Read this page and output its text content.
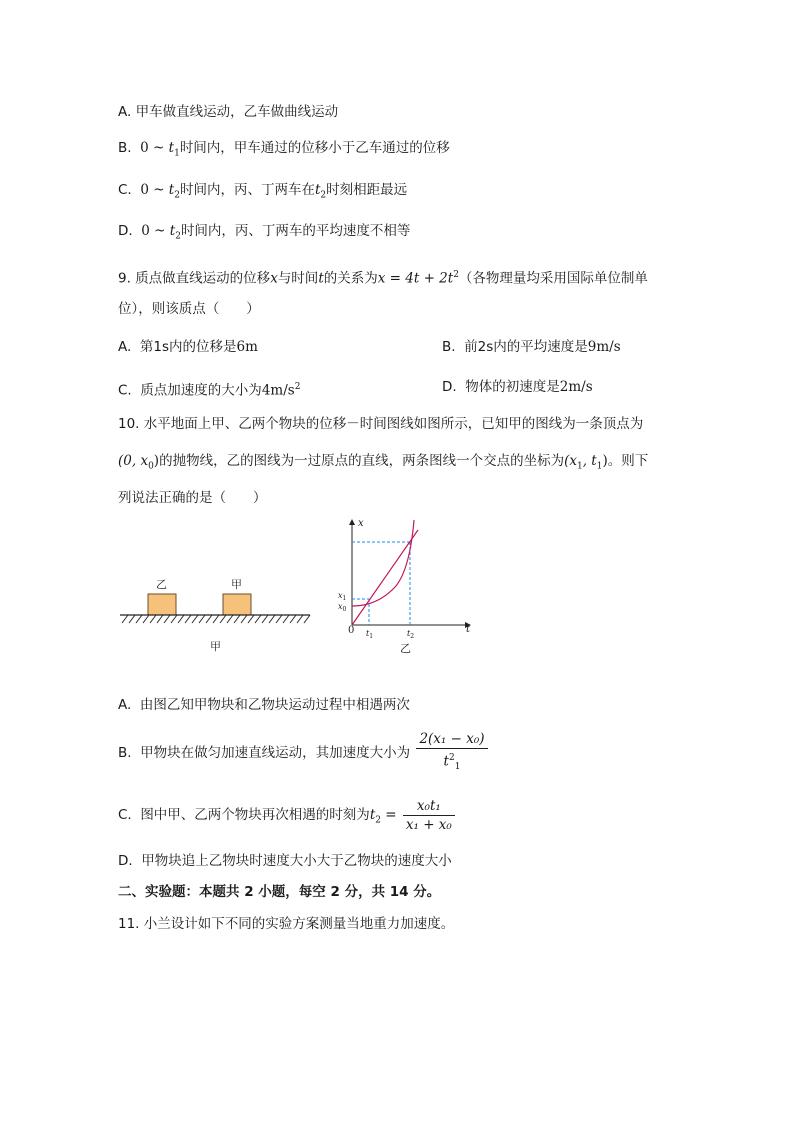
A. 甲车做直线运动，乙车做曲线运动
B. 0 ~ $t_1$时间内，甲车通过的位移小于乙车通过的位移
C. 0 ~ $t_2$时间内，丙、丁两车在$t_2$时刻相距最远
D. 0 ~ $t_2$时间内，丙、丁两车的平均速度不相等
9. 质点做直线运动的位移x与时间t的关系为$x = 4t + 2t^2$（各物理量均采用国际单位制单
位），则该质点（　　）
A. 第1s内的位移是6m	B. 前2s内的平均速度是9m/s
C. 质点加速度的大小为$4m/s^2$	D. 物体的初速度是2m/s
10. 水平地面上甲、乙两个物块的位移－时间图线如图所示，已知甲的图线为一条顶点为
(0, $x_0$)的抛物线，乙的图线为一过原点的直线，两条图线一个交点的坐标为($x_1$, $t_1$)。则下
列说法正确的是（　　）
乙	甲
甲
x
t
0
$x_1$
$x_0$
$t_1$	$t_2$
乙
A. 由图乙知甲物块和乙物块运动过程中相遇两次
B. 甲物块在做匀加速直线运动，其加速度大小为 $\frac{\text{2(x₁ − x₀)}}{t^2_1}$
C. 图中甲、乙两个物块再次相遇的时刻为$t_2 = \frac{\text{x₀t₁}}{\text{x₁ + x₀}}$
D. 甲物块追上乙物块时速度大小大于乙物块的速度大小
二、实验题：本题共 2 小题，每空 2 分，共 14 分。
11. 小兰设计如下不同的实验方案测量当地重力加速度。
